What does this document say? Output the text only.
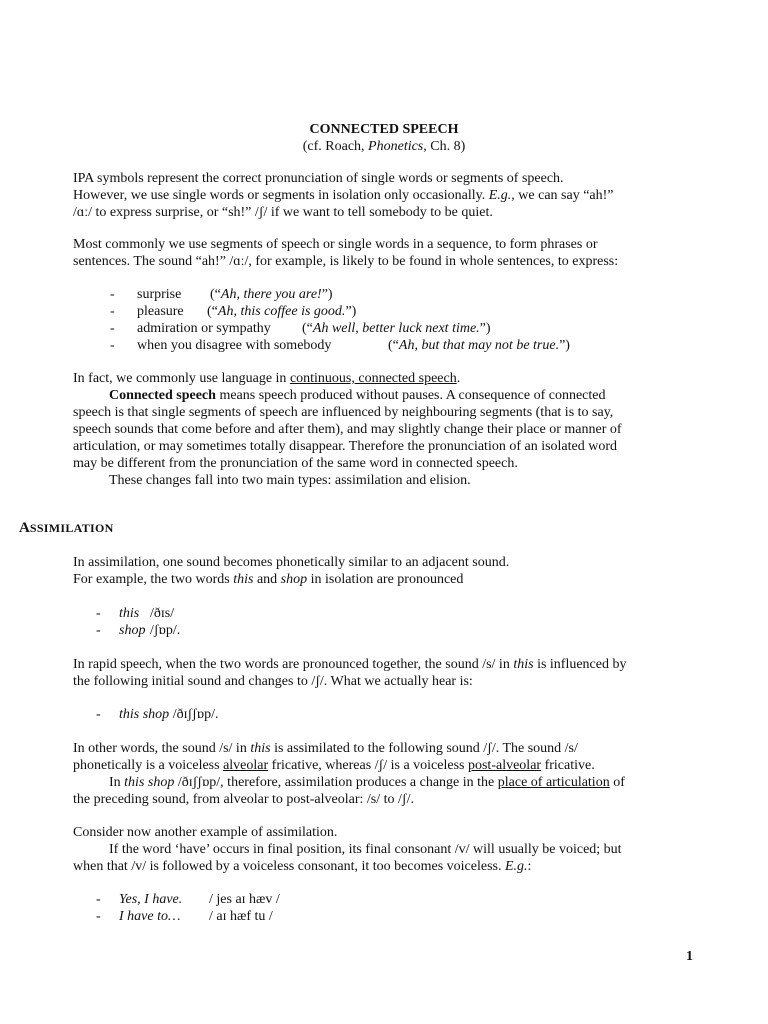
CONNECTED SPEECH
(cf. Roach, Phonetics, Ch. 8)
IPA symbols represent the correct pronunciation of single words or segments of speech.
However, we use single words or segments in isolation only occasionally. E.g., we can say “ah!”
/ɑː/ to express surprise, or “sh!” /ʃ/ if we want to tell somebody to be quiet.
Most commonly we use segments of speech or single words in a sequence, to form phrases or
sentences. The sound “ah!” /ɑː/, for example, is likely to be found in whole sentences, to express:
- surprise (“Ah, there you are!”)
- pleasure (“Ah, this coffee is good.”)
- admiration or sympathy (“Ah well, better luck next time.”)
- when you disagree with somebody	(“Ah, but that may not be true.”)
In fact, we commonly use language in continuous, connected speech.
Connected speech means speech produced without pauses. A consequence of connected
speech is that single segments of speech are influenced by neighbouring segments (that is to say,
speech sounds that come before and after them), and may slightly change their place or manner of
articulation, or may sometimes totally disappear. Therefore the pronunciation of an isolated word
may be different from the pronunciation of the same word in connected speech.
These changes fall into two main types: assimilation and elision.
ASSIMILATION
In assimilation, one sound becomes phonetically similar to an adjacent sound.
For example, the two words this and shop in isolation are pronounced
- this /ðɪs/
- shop /ʃɒp/.
In rapid speech, when the two words are pronounced together, the sound /s/ in this is influenced by
the following initial sound and changes to /ʃ/. What we actually hear is:
- this shop /ðɪʃʃɒp/.
In other words, the sound /s/ in this is assimilated to the following sound /ʃ/. The sound /s/
phonetically is a voiceless alveolar fricative, whereas /ʃ/ is a voiceless post-alveolar fricative.
In this shop /ðɪʃʃɒp/, therefore, assimilation produces a change in the place of articulation of
the preceding sound, from alveolar to post-alveolar: /s/ to /ʃ/.
Consider now another example of assimilation.
If the word ‘have’ occurs in final position, its final consonant /v/ will usually be voiced; but
when that /v/ is followed by a voiceless consonant, it too becomes voiceless. E.g.:
- Yes, I have. / jes aɪ hæv /
- I have to… / aɪ hæf tu /
1
